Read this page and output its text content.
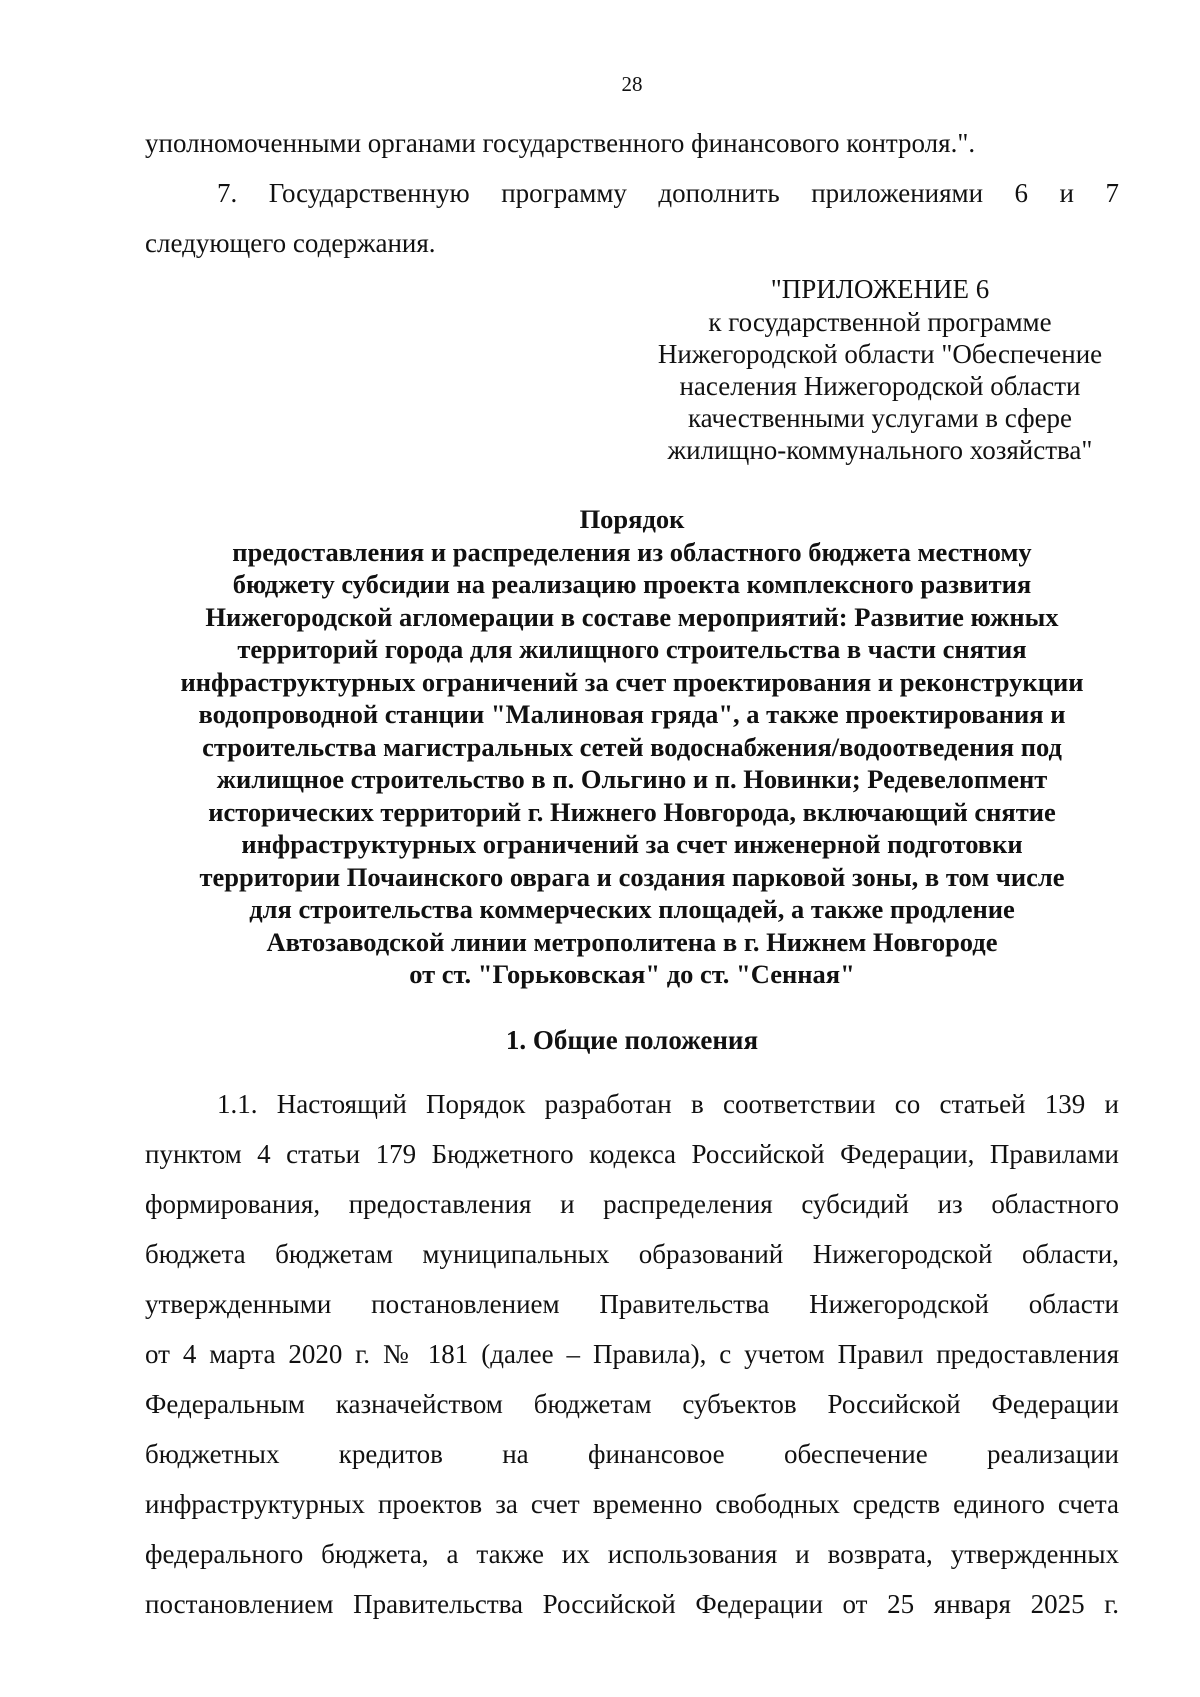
28
уполномоченными органами государственного финансового контроля.".
7. Государственную программу дополнить приложениями 6 и 7
следующего содержания.
"ПРИЛОЖЕНИЕ 6
к государственной программе
Нижегородской области "Обеспечение
населения Нижегородской области
качественными услугами в сфере
жилищно-коммунального хозяйства"
Порядок
предоставления и распределения из областного бюджета местному
бюджету субсидии на реализацию проекта комплексного развития
Нижегородской агломерации в составе мероприятий: Развитие южных
территорий города для жилищного строительства в части снятия
инфраструктурных ограничений за счет проектирования и реконструкции
водопроводной станции "Малиновая гряда", а также проектирования и
строительства магистральных сетей водоснабжения/водоотведения под
жилищное строительство в п. Ольгино и п. Новинки; Редевелопмент
исторических территорий г. Нижнего Новгорода, включающий снятие
инфраструктурных ограничений за счет инженерной подготовки
территории Почаинского оврага и создания парковой зоны, в том числе
для строительства коммерческих площадей, а также продление
Автозаводской линии метрополитена в г. Нижнем Новгороде
от ст. "Горьковская" до ст. "Сенная"
1. Общие положения
1.1. Настоящий Порядок разработан в соответствии со статьей 139 и
пунктом 4 статьи 179 Бюджетного кодекса Российской Федерации, Правилами
формирования, предоставления и распределения субсидий из областного
бюджета бюджетам муниципальных образований Нижегородской области,
утвержденными постановлением Правительства Нижегородской области
от 4 марта 2020 г. № 181 (далее – Правила), с учетом Правил предоставления
Федеральным казначейством бюджетам субъектов Российской Федерации
бюджетных кредитов на финансовое обеспечение реализации
инфраструктурных проектов за счет временно свободных средств единого счета
федерального бюджета, а также их использования и возврата, утвержденных
постановлением Правительства Российской Федерации от 25 января 2025 г.
